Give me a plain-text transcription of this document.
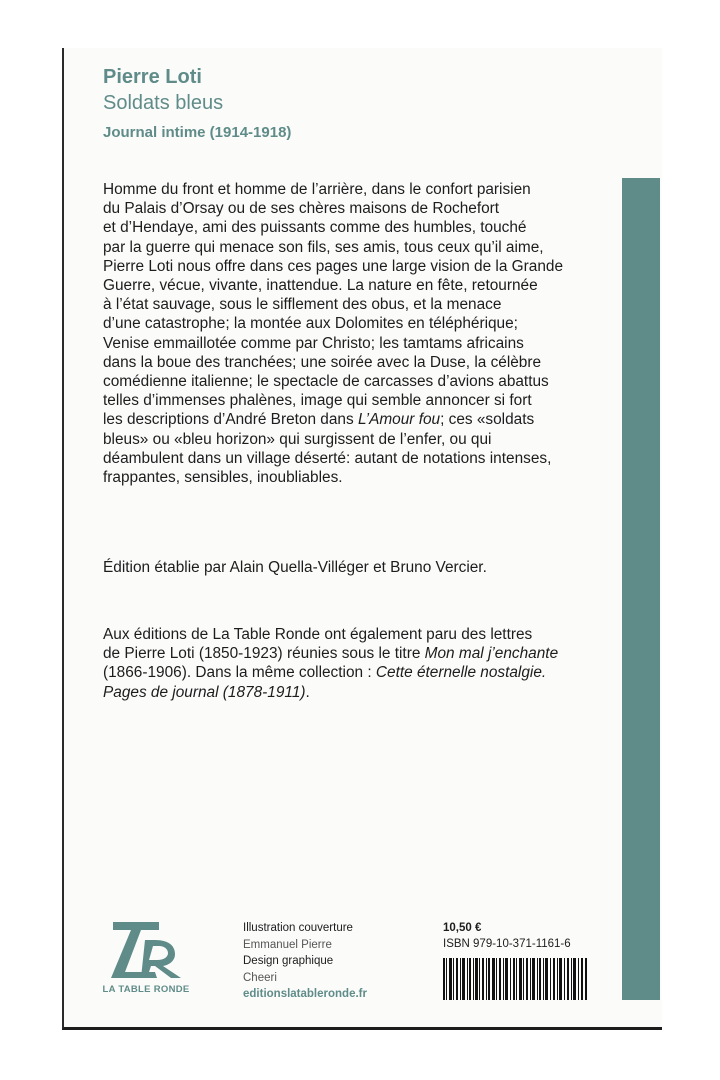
Pierre Loti
Soldats bleus
Journal intime (1914-1918)
Homme du front et homme de l’arrière, dans le confort parisien
du Palais d’Orsay ou de ses chères maisons de Rochefort
et d’Hendaye, ami des puissants comme des humbles, touché
par la guerre qui menace son fils, ses amis, tous ceux qu’il aime,
Pierre Loti nous offre dans ces pages une large vision de la Grande
Guerre, vécue, vivante, inattendue. La nature en fête, retournée
à l’état sauvage, sous le sifflement des obus, et la menace
d’une catastrophe; la montée aux Dolomites en téléphérique;
Venise emmaillotée comme par Christo; les tamtams africains
dans la boue des tranchées; une soirée avec la Duse, la célèbre
comédienne italienne; le spectacle de carcasses d’avions abattus
telles d’immenses phalènes, image qui semble annoncer si fort
les descriptions d’André Breton dans L’Amour fou; ces «soldats
bleus» ou «bleu horizon» qui surgissent de l’enfer, ou qui
déambulent dans un village déserté: autant de notations intenses,
frappantes, sensibles, inoubliables.
Édition établie par Alain Quella-Villéger et Bruno Vercier.
Aux éditions de La Table Ronde ont également paru des lettres
de Pierre Loti (1850-1923) réunies sous le titre Mon mal j’enchante
(1866-1906). Dans la même collection : Cette éternelle nostalgie.
Pages de journal (1878-1911).
LA TABLE RONDE
Illustration couverture
Emmanuel Pierre
Design graphique
Cheeri
editionslatableronde.fr
10,50 €
ISBN 979-10-371-1161-6
